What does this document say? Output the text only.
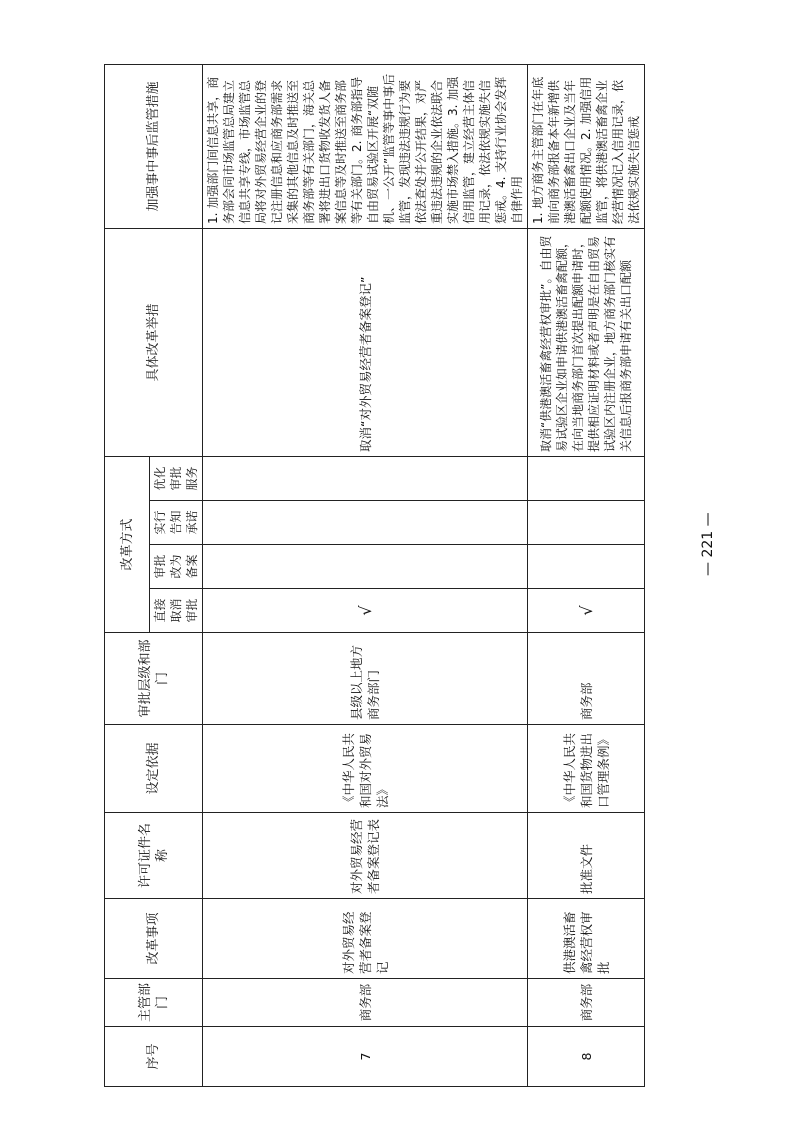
序号	主管部门	改革事项	许可证件名称	设定依据	审批层级和部门	改革方式				具体改革举措	加强事中事后监管措施
						直接取消审批	审批改为备案	实行告知承诺	优化审批服务		
7	商务部	对外贸易经营者备案登记	对外贸易经营者备案登记表	《中华人民共和国对外贸易法》	县级以上地方商务部门	√				取消“对外贸易经营者备案登记”	1. 加强部门间信息共享，商务部会同市场监管总局建立信息共享专线，市场监管总局将对外贸易经营企业的登记注册信息和应商务部需求采集的其他信息及时推送至商务部等有关部门，海关总署将进出口货物收发货人备案信息等及时推送至商务部等有关部门。2. 商务部指导自由贸易试验区开展“双随机、一公开”监管等事中事后监管，发现违法违规行为要依法查处并公开结果，对严重违法违规的企业依法联合实施市场禁入措施。3. 加强信用监管，建立经营主体信用记录，依法依规实施失信惩戒。4. 支持行业协会发挥自律作用
8	商务部	供港澳活畜禽经营权审批	批准文件	《中华人民共和国货物进出口管理条例》	商务部	√				取消“供港澳活畜禽经营权审批”。自由贸易试验区企业如申请供港澳活畜禽配额，在向当地商务部门首次提出配额申请时，提供相应证明材料或者声明是在自由贸易试验区内注册企业，地方商务部门核实有关信息后报商务部申请有关出口配额	1. 地方商务主管部门在年底前向商务部报备本年新增供港澳活畜禽出口企业及当年配额使用情况。2. 加强信用监管，将供港澳活畜禽企业经营情况记入信用记录，依法依规实施失信惩戒
— 221 —
